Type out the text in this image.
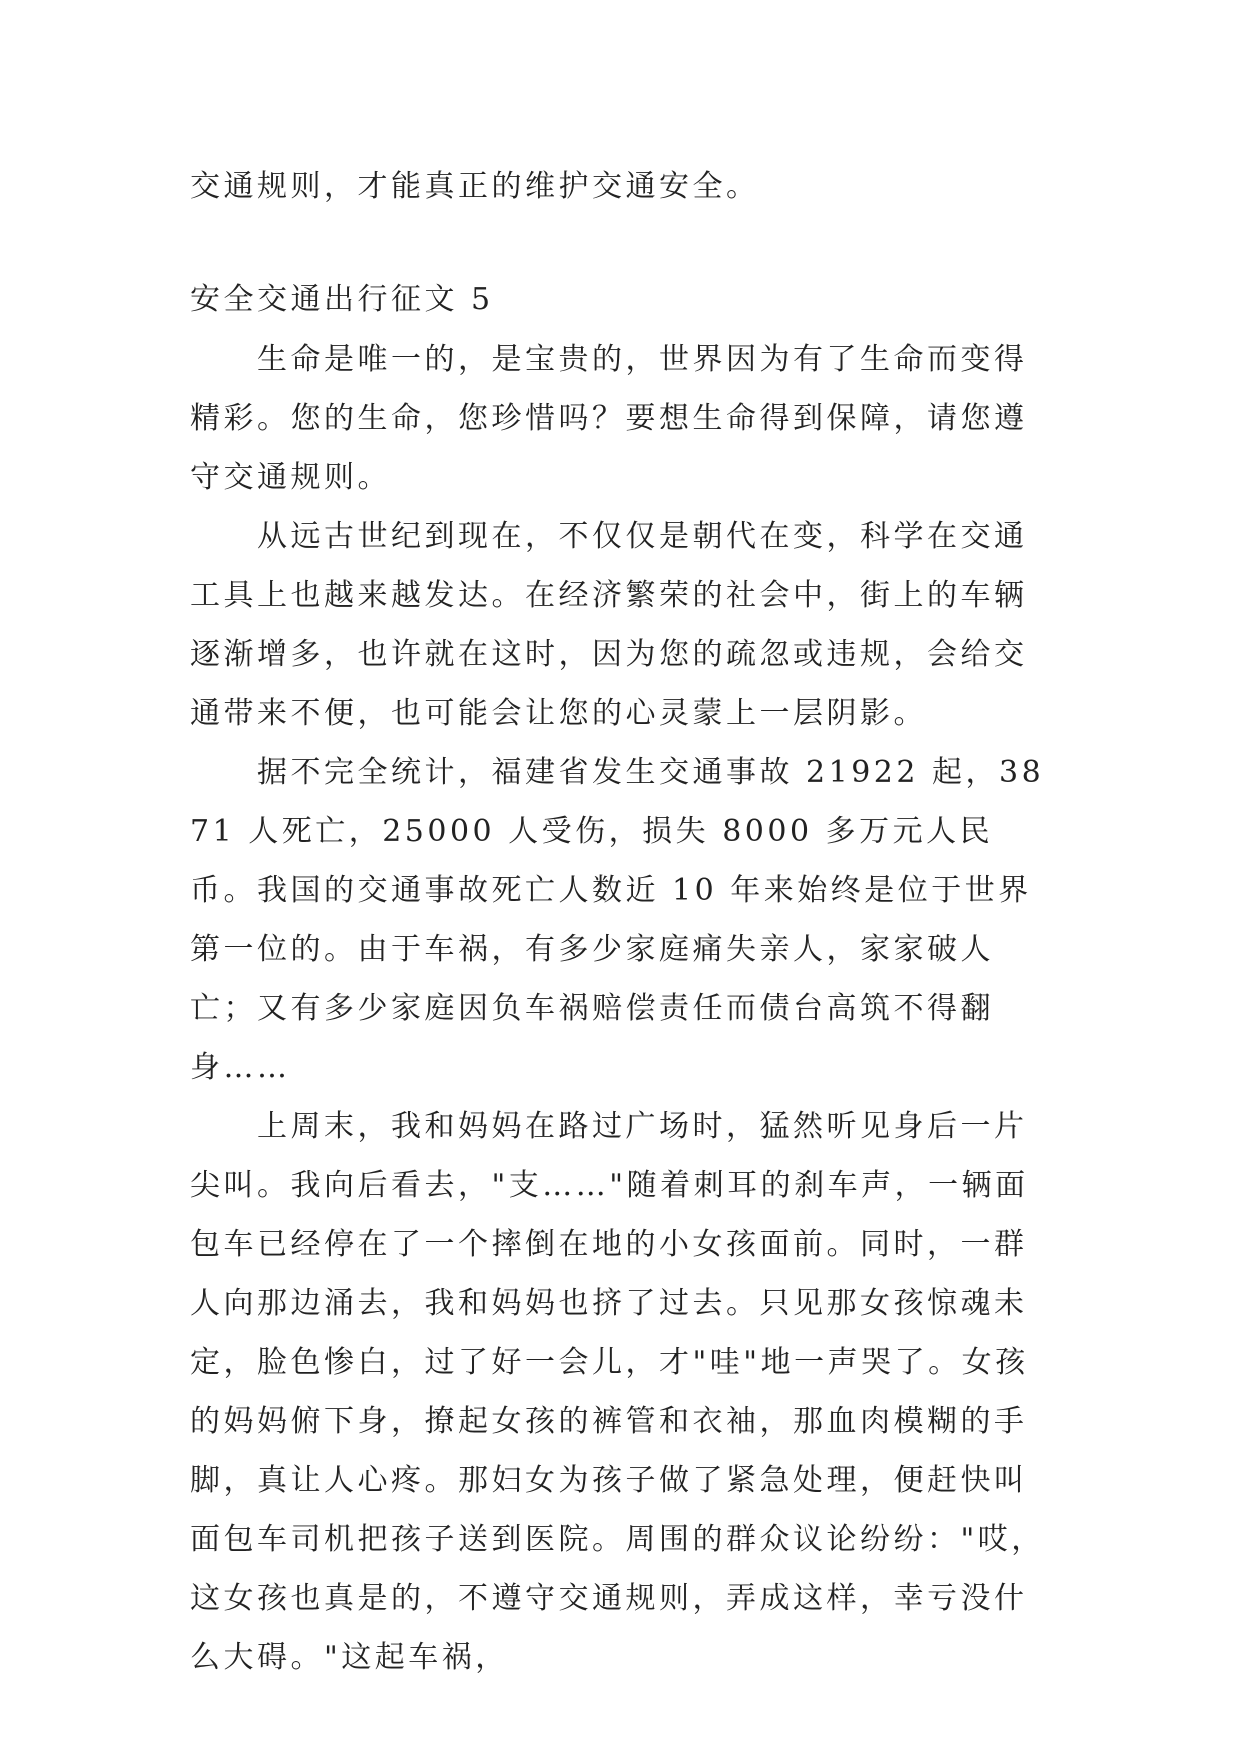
交通规则，才能真正的维护交通安全。

安全交通出行征文 5

生命是唯一的，是宝贵的，世界因为有了生命而变得精彩。您的生命，您珍惜吗？要想生命得到保障，请您遵守交通规则。

从远古世纪到现在，不仅仅是朝代在变，科学在交通工具上也越来越发达。在经济繁荣的社会中，街上的车辆逐渐增多，也许就在这时，因为您的疏忽或违规，会给交通带来不便，也可能会让您的心灵蒙上一层阴影。

据不完全统计，福建省发生交通事故 21922 起，3871 人死亡，25000 人受伤，损失 8000 多万元人民币。我国的交通事故死亡人数近 10 年来始终是位于世界第一位的。由于车祸，有多少家庭痛失亲人，家家破人亡；又有多少家庭因负车祸赔偿责任而债台高筑不得翻身……

上周末，我和妈妈在路过广场时，猛然听见身后一片尖叫。我向后看去，"支……"随着刺耳的刹车声，一辆面包车已经停在了一个摔倒在地的小女孩面前。同时，一群人向那边涌去，我和妈妈也挤了过去。只见那女孩惊魂未定，脸色惨白，过了好一会儿，才"哇"地一声哭了。女孩的妈妈俯下身，撩起女孩的裤管和衣袖，那血肉模糊的手脚，真让人心疼。那妇女为孩子做了紧急处理，便赶快叫面包车司机把孩子送到医院。周围的群众议论纷纷："哎，这女孩也真是的，不遵守交通规则，弄成这样，幸亏没什么大碍。"这起车祸，
